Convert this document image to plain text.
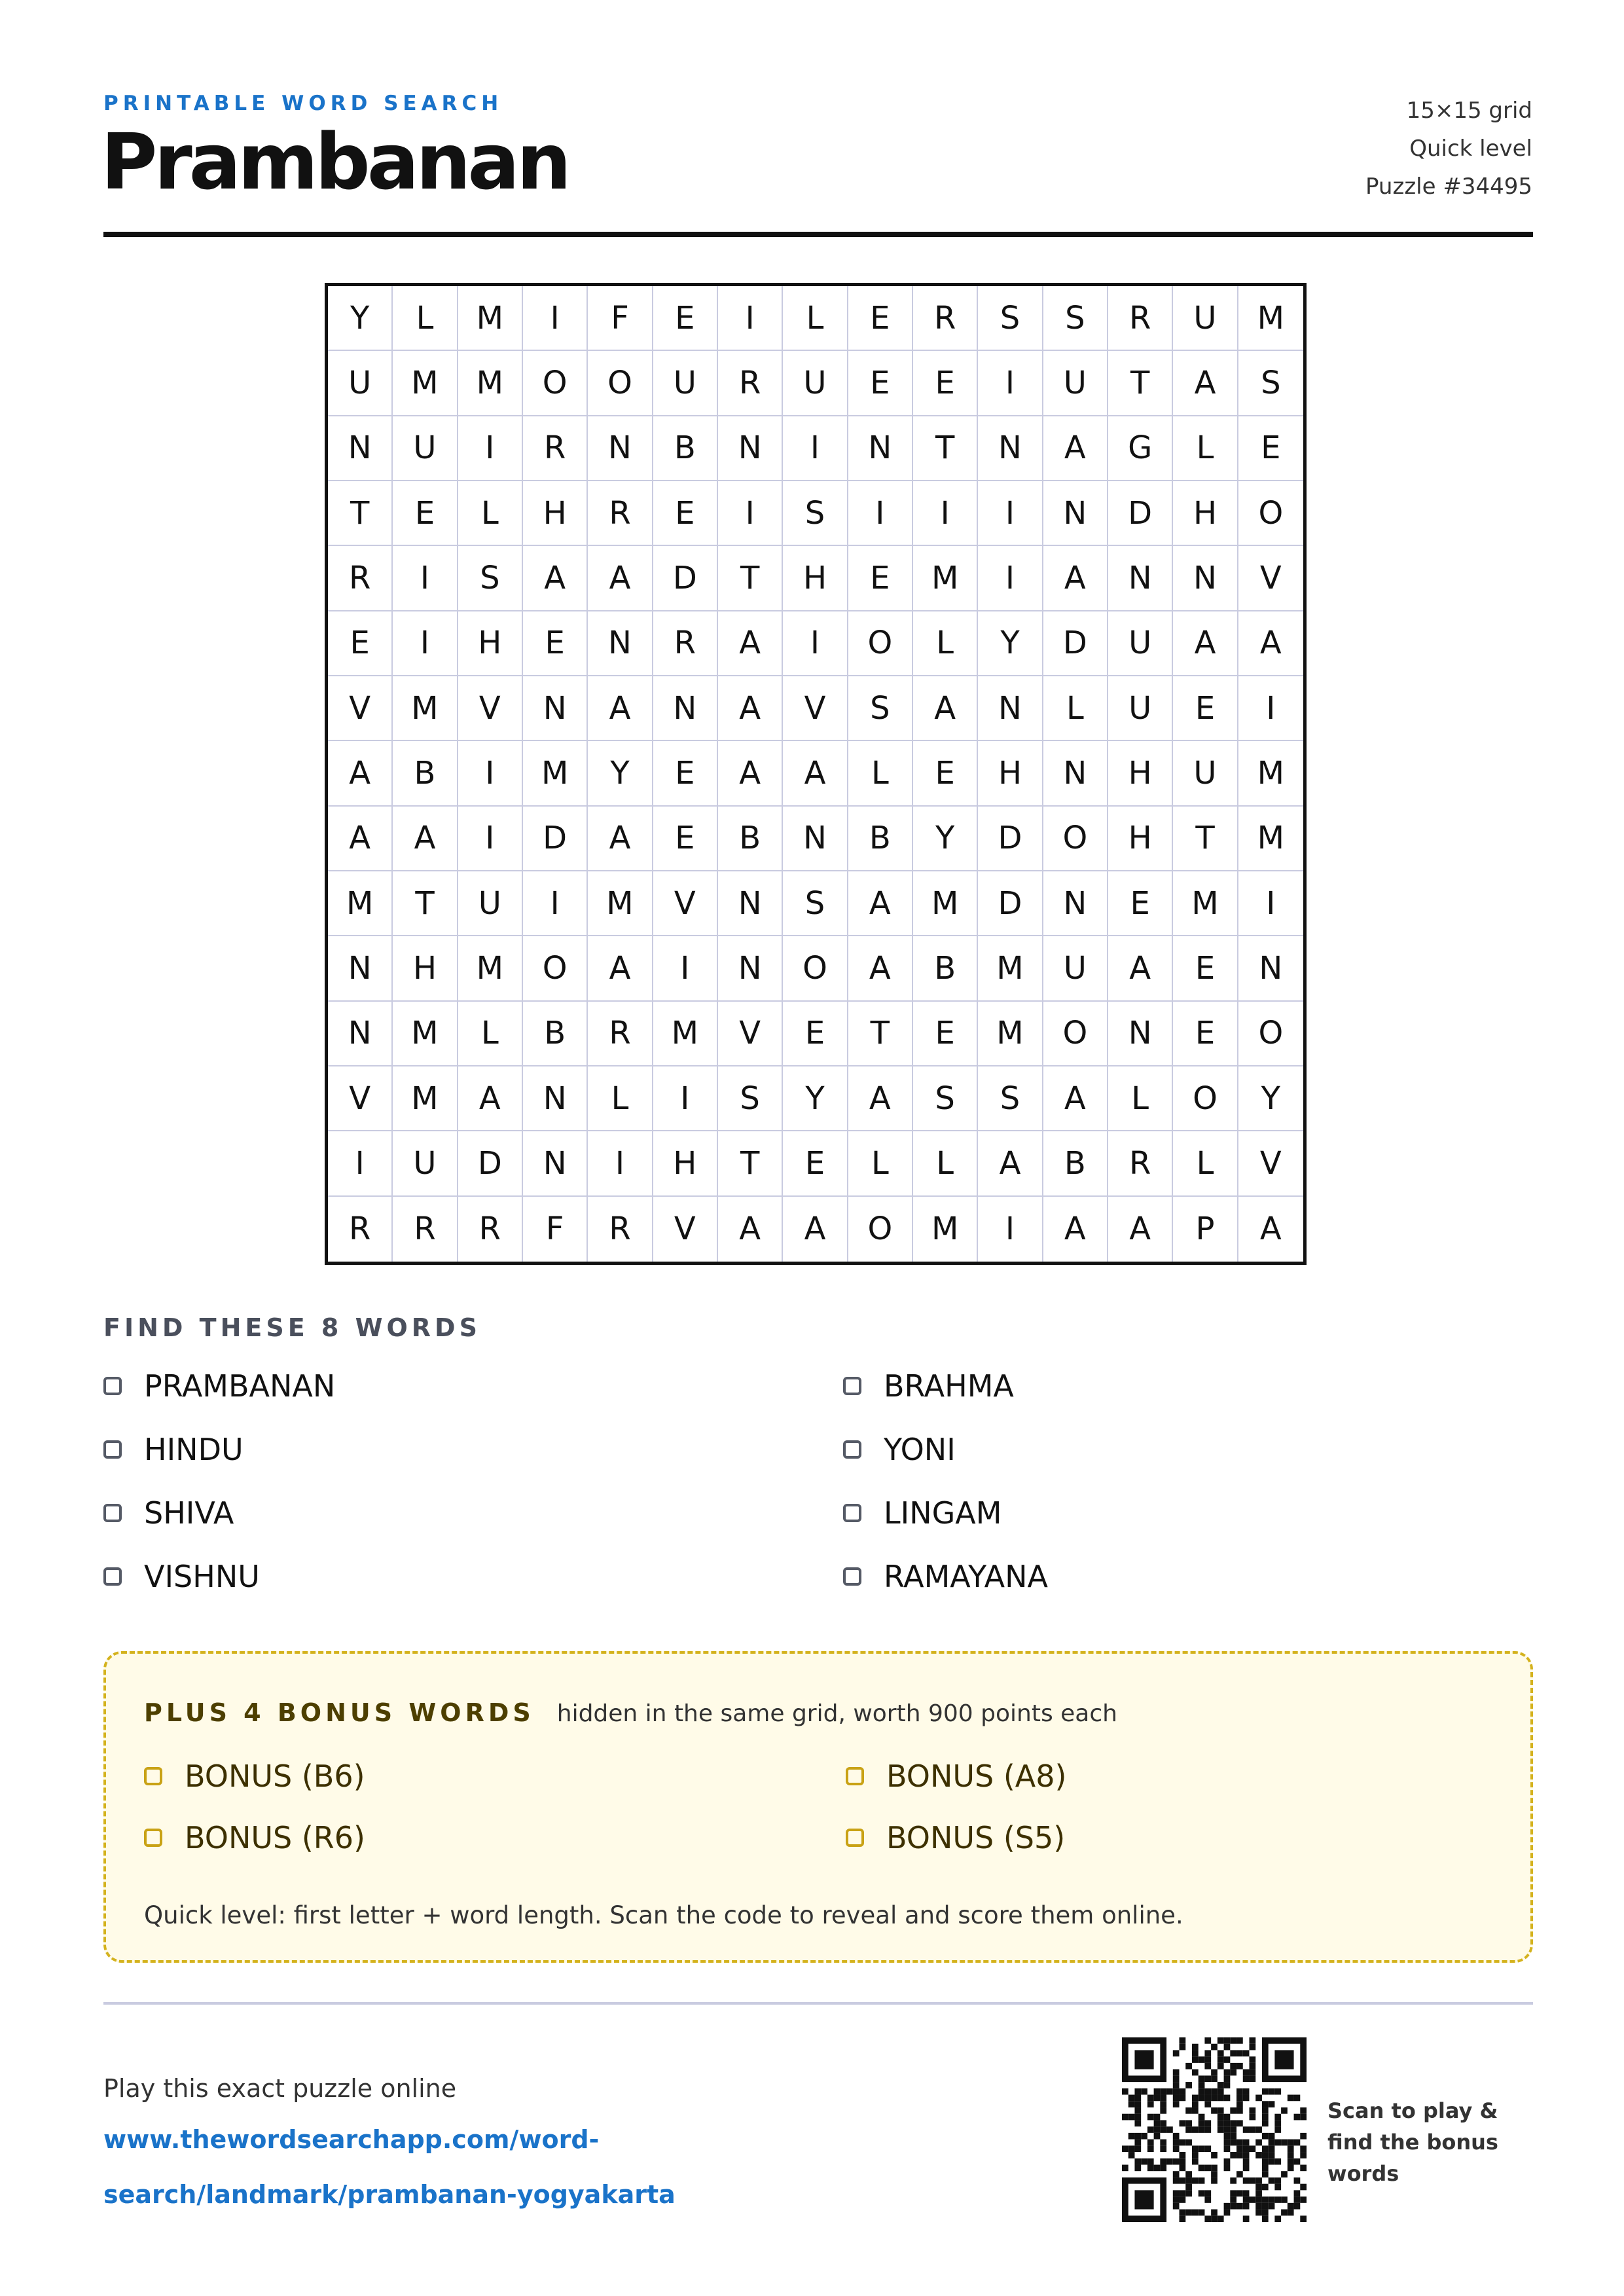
PRINTABLE WORD SEARCH
Prambanan
15×15 grid
Quick level
Puzzle #34495
Y	L	M	I	F	E	I	L	E	R	S	S	R	U	M
U	M	M	O	O	U	R	U	E	E	I	U	T	A	S
N	U	I	R	N	B	N	I	N	T	N	A	G	L	E
T	E	L	H	R	E	I	S	I	I	I	N	D	H	O
R	I	S	A	A	D	T	H	E	M	I	A	N	N	V
E	I	H	E	N	R	A	I	O	L	Y	D	U	A	A
V	M	V	N	A	N	A	V	S	A	N	L	U	E	I
A	B	I	M	Y	E	A	A	L	E	H	N	H	U	M
A	A	I	D	A	E	B	N	B	Y	D	O	H	T	M
M	T	U	I	M	V	N	S	A	M	D	N	E	M	I
N	H	M	O	A	I	N	O	A	B	M	U	A	E	N
N	M	L	B	R	M	V	E	T	E	M	O	N	E	O
V	M	A	N	L	I	S	Y	A	S	S	A	L	O	Y
I	U	D	N	I	H	T	E	L	L	A	B	R	L	V
R	R	R	F	R	V	A	A	O	M	I	A	A	P	A
FIND THESE 8 WORDS
PRAMBANAN
HINDU
SHIVA
VISHNU
BRAHMA
YONI
LINGAM
RAMAYANA
PLUS 4 BONUS WORDS hidden in the same grid, worth 900 points each
BONUS (B6)
BONUS (R6)
BONUS (A8)
BONUS (S5)
Quick level: first letter + word length. Scan the code to reveal and score them online.
Play this exact puzzle online
www.thewordsearchapp.com/word-search/landmark/prambanan-yogyakarta
Scan to play & find the bonus words
